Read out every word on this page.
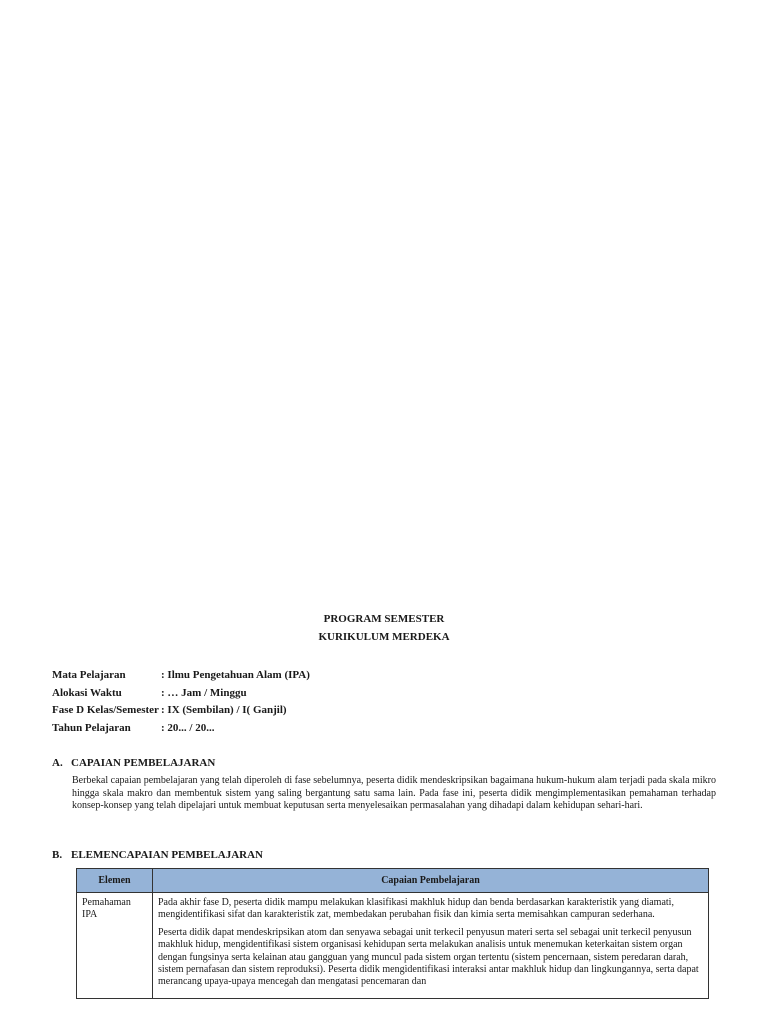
PROGRAM SEMESTER
KURIKULUM MERDEKA
Mata Pelajaran	: Ilmu Pengetahuan Alam (IPA)
Alokasi Waktu	: … Jam / Minggu
Fase D Kelas/Semester : IX (Sembilan) / I( Ganjil)
Tahun Pelajaran	: 20... / 20...
A. CAPAIAN PEMBELAJARAN
Berbekal capaian pembelajaran yang telah diperoleh di fase sebelumnya, peserta didik mendeskripsikan bagaimana hukum-hukum alam terjadi pada skala mikro hingga skala makro dan membentuk sistem yang saling bergantung satu sama lain. Pada fase ini, peserta didik mengimplementasikan pemahaman terhadap konsep-konsep yang telah dipelajari untuk membuat keputusan serta menyelesaikan permasalahan yang dihadapi dalam kehidupan sehari-hari.
B. ELEMENCAPAIAN PEMBELAJARAN
Elemen	Capaian Pembelajaran
Pemahaman IPA	Pada akhir fase D, peserta didik mampu melakukan klasifikasi makhluk hidup dan benda berdasarkan karakteristik yang diamati, mengidentifikasi sifat dan karakteristik zat, membedakan perubahan fisik dan kimia serta memisahkan campuran sederhana.

Peserta didik dapat mendeskripsikan atom dan senyawa sebagai unit terkecil penyusun materi serta sel sebagai unit terkecil penyusun makhluk hidup, mengidentifikasi sistem organisasi kehidupan serta melakukan analisis untuk menemukan keterkaitan sistem organ dengan fungsinya serta kelainan atau gangguan yang muncul pada sistem organ tertentu (sistem pencernaan, sistem peredaran darah, sistem pernafasan dan sistem reproduksi). Peserta didik mengidentifikasi interaksi antar makhluk hidup dan lingkungannya, serta dapat merancang upaya-upaya mencegah dan mengatasi pencemaran dan
